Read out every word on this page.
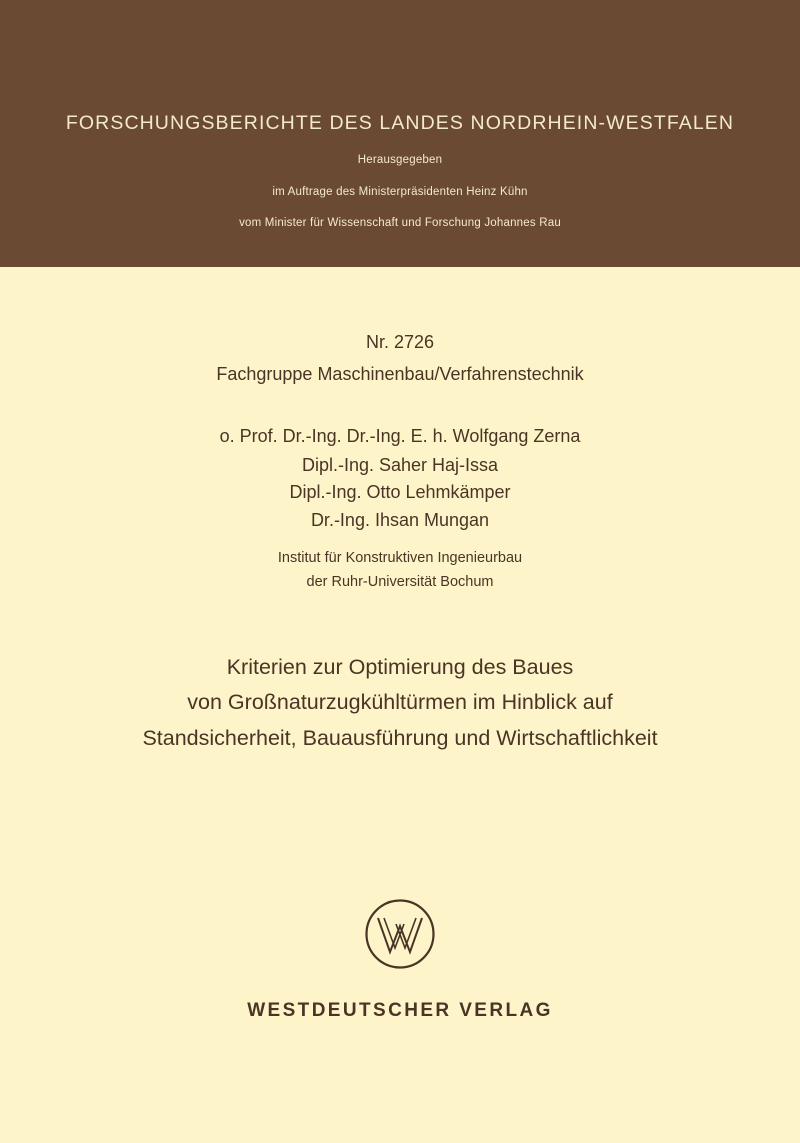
FORSCHUNGSBERICHTE DES LANDES NORDRHEIN-WESTFALEN
Herausgegeben
im Auftrage des Ministerpräsidenten Heinz Kühn
vom Minister für Wissenschaft und Forschung Johannes Rau
Nr. 2726
Fachgruppe Maschinenbau/Verfahrenstechnik
o. Prof. Dr.-Ing. Dr.-Ing. E. h. Wolfgang Zerna
Dipl.-Ing. Saher Haj-Issa
Dipl.-Ing. Otto Lehmkämper
Dr.-Ing. Ihsan Mungan
Institut für Konstruktiven Ingenieurbau
der Ruhr-Universität Bochum
Kriterien zur Optimierung des Baues
von Großnaturzugkühltürmen im Hinblick auf
Standsicherheit, Bauausführung und Wirtschaftlichkeit
WESTDEUTSCHER VERLAG
